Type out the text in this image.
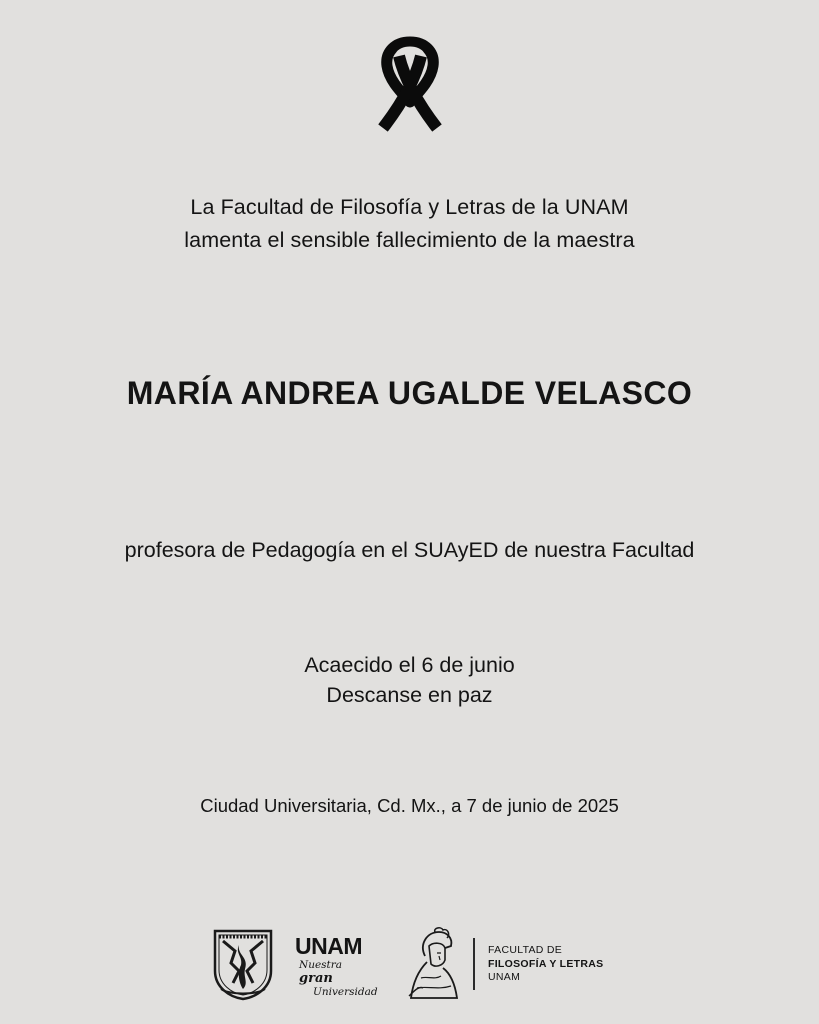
La Facultad de Filosofía y Letras de la UNAM
lamenta el sensible fallecimiento de la maestra
MARÍA ANDREA UGALDE VELASCO
profesora de Pedagogía en el SUAyED de nuestra Facultad
Acaecido el 6 de junio
Descanse en paz
Ciudad Universitaria, Cd. Mx., a 7 de junio de 2025
UNAM
Nuestra gran
Universidad
FACULTAD DE
FILOSOFÍA Y LETRAS
UNAM
